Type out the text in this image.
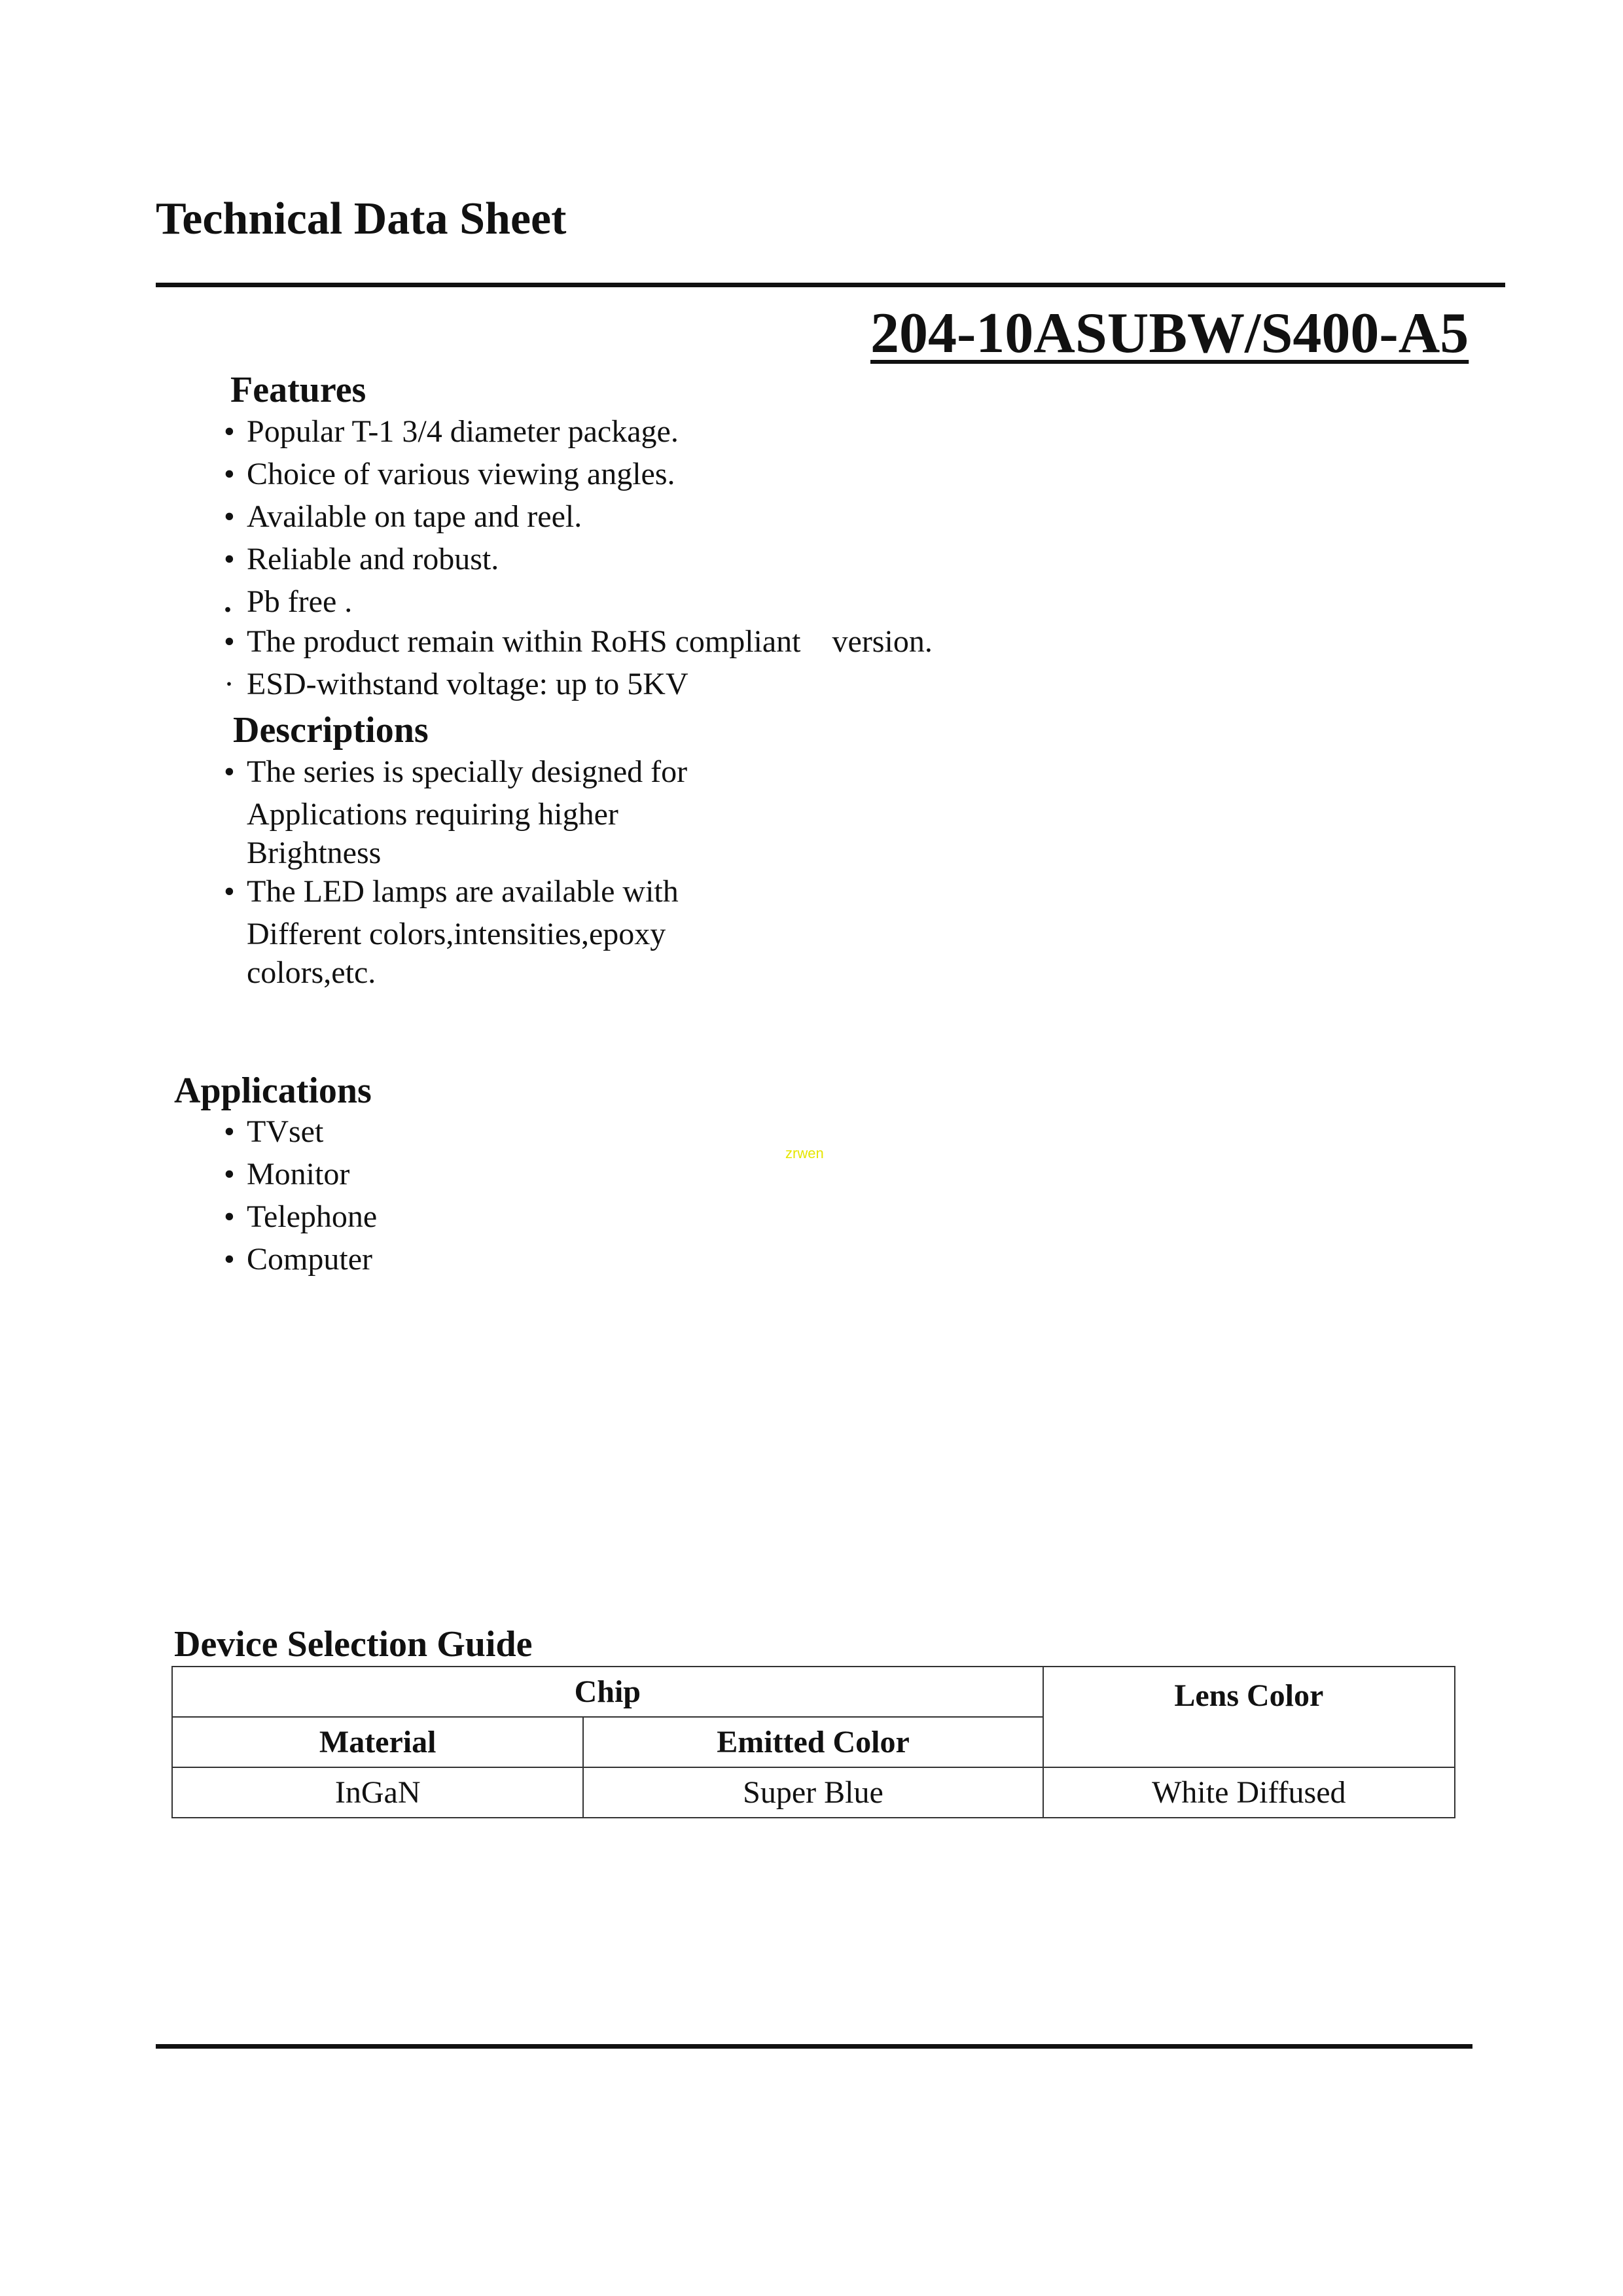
Technical Data Sheet
204-10ASUBW/S400-A5
Features
• Popular T-1 3/4 diameter package.
• Choice of various viewing angles.
• Available on tape and reel.
• Reliable and robust.
. Pb free .
• The product remain within RoHS compliant    version.
· ESD-withstand voltage: up to 5KV
Descriptions
• The series is specially designed for
Applications requiring higher
Brightness
• The LED lamps are available with
Different colors,intensities,epoxy
colors,etc.
Applications
• TVset
• Monitor
• Telephone
• Computer
zrwen
Device Selection Guide
Chip		Lens Color
Material	Emitted Color	
InGaN	Super Blue	White Diffused
